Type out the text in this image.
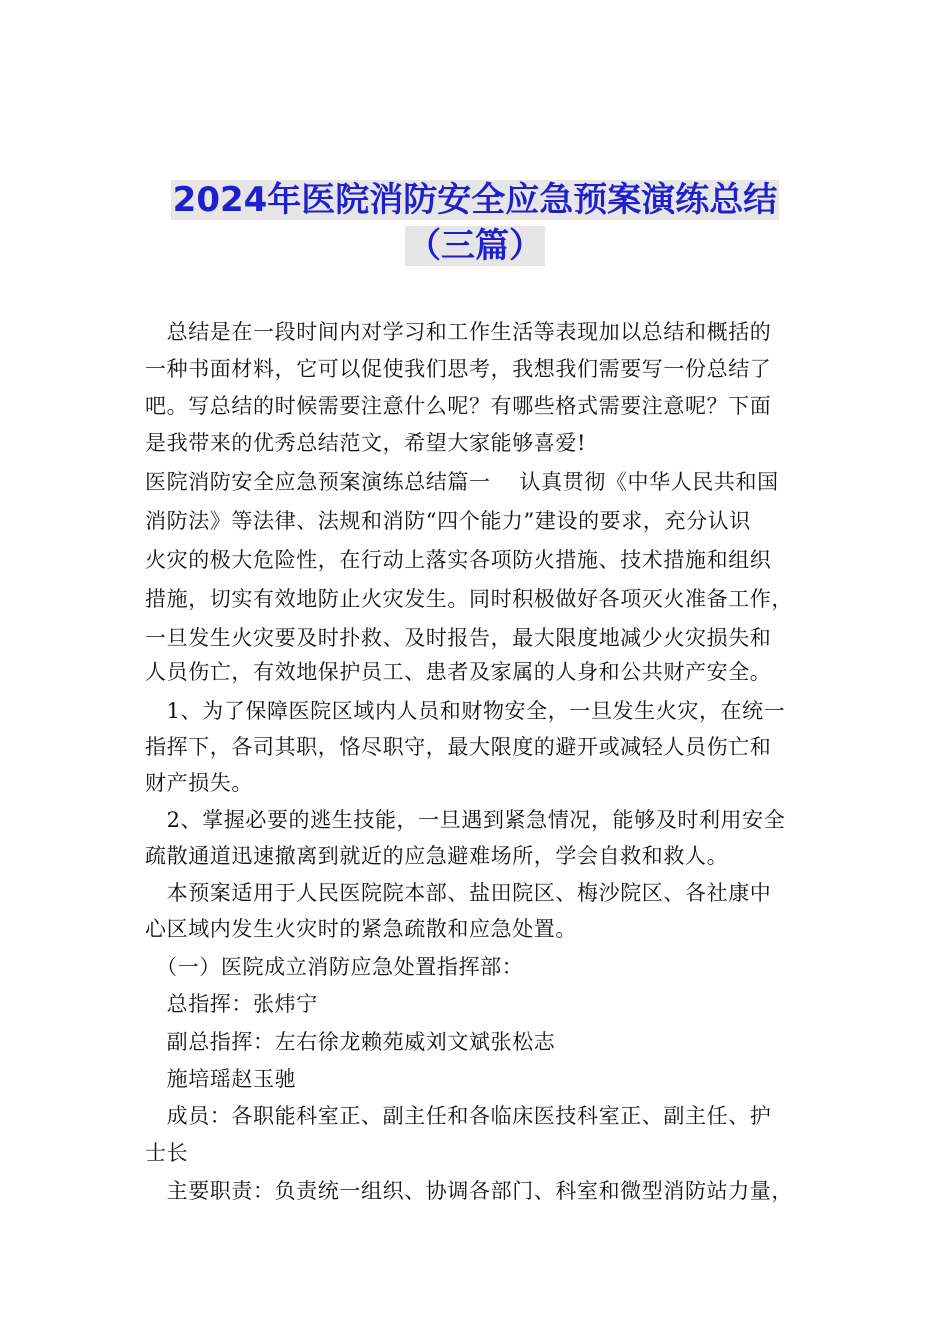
2024年医院消防安全应急预案演练总结
（三篇）
　总结是在一段时间内对学习和工作生活等表现加以总结和概括的
一种书面材料，它可以促使我们思考，我想我们需要写一份总结了
吧。写总结的时候需要注意什么呢？有哪些格式需要注意呢？下面
是我带来的优秀总结范文，希望大家能够喜爱!
医院消防安全应急预案演练总结篇一　 认真贯彻《中华人民共和国
消防法》等法律、法规和消防“四个能力”建设的要求，充分认识
火灾的极大危险性，在行动上落实各项防火措施、技术措施和组织
措施，切实有效地防止火灾发生。同时积极做好各项灭火准备工作，
一旦发生火灾要及时扑救、及时报告，最大限度地减少火灾损失和
人员伤亡，有效地保护员工、患者及家属的人身和公共财产安全。
　1、为了保障医院区域内人员和财物安全，一旦发生火灾，在统一
指挥下，各司其职，恪尽职守，最大限度的避开或减轻人员伤亡和
财产损失。
　2、掌握必要的逃生技能，一旦遇到紧急情况，能够及时利用安全
疏散通道迅速撤离到就近的应急避难场所，学会自救和救人。
　本预案适用于人民医院院本部、盐田院区、梅沙院区、各社康中
心区域内发生火灾时的紧急疏散和应急处置。
　（一）医院成立消防应急处置指挥部：
　总指挥：张炜宁
　副总指挥：左右徐龙赖苑威刘文斌张松志
　施培瑶赵玉驰
　成员：各职能科室正、副主任和各临床医技科室正、副主任、护
士长
　主要职责：负责统一组织、协调各部门、科室和微型消防站力量，
